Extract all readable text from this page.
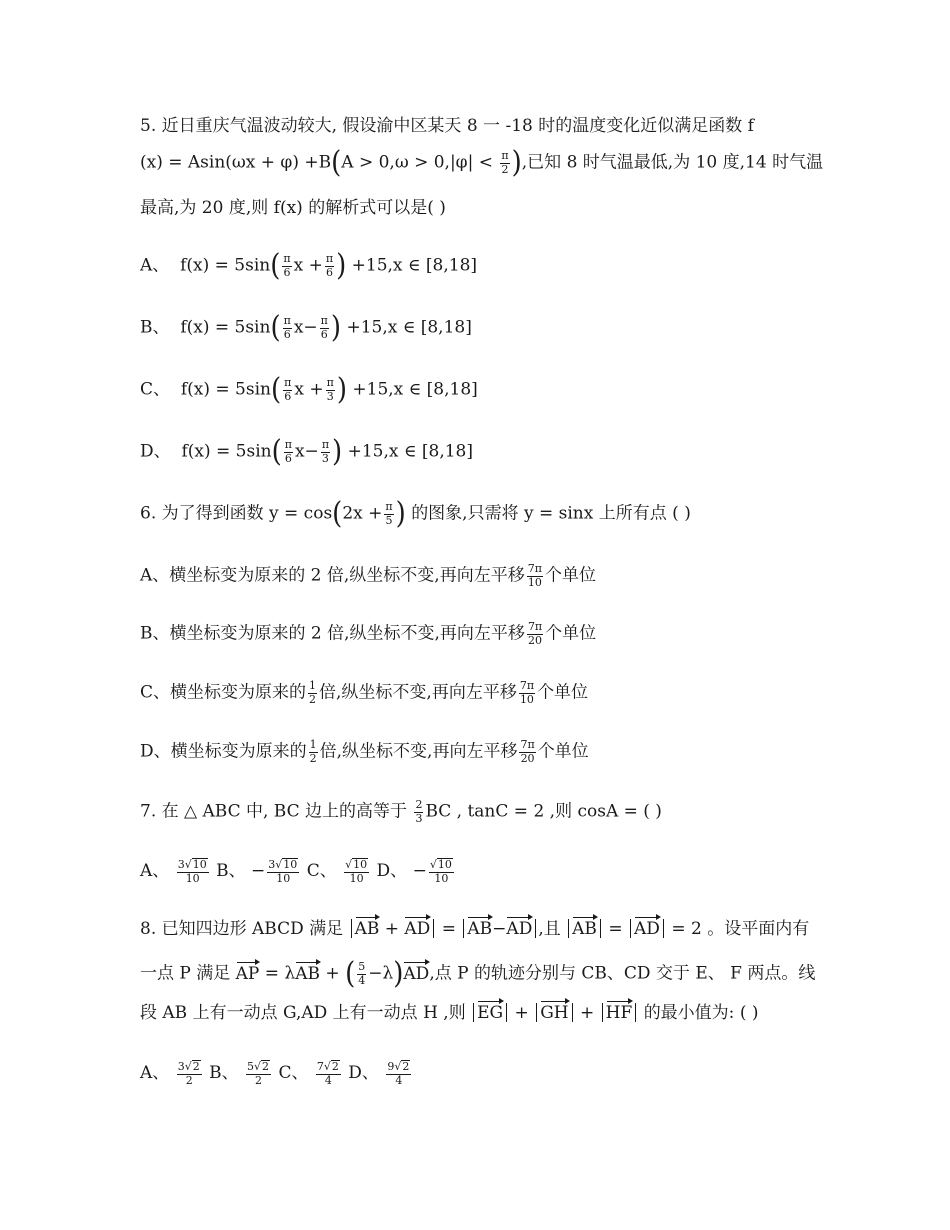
5. 近日重庆气温波动较大, 假设渝中区某天 8 一 -18 时的温度变化近似满足函数 f
$(x) = Asin(\omega x + \varphi) +B(A > 0,\omega > 0,|\varphi| < \frac{\pi}{2}$ ),已知 8 时气温最低,为 10 度,14 时气温
最高,为 20 度,则 f(x) 的解析式可以是( )
A、 $f(x) = 5\sin( \frac{\pi}{6}$ $x + \frac{\pi}{6}$ ) +15,x ∈ [8,18]
B、 $f(x) = 5\sin( \frac{\pi}{6} x- \frac{\pi}{6}$ ) +15,x ∈ [8,18]
C、 $f(x) = 5\sin( \frac{\pi}{6}$ $x + \frac{\pi}{3}$ ) +15,x ∈ [8,18]
D、 $f(x) = 5\sin( \frac{\pi}{6} x- \frac{\pi}{3}$ ) +15,x ∈ [8,18]
6. 为了得到函数 $y = \cos(2x + \frac{\pi}{5}$ ) 的图象,只需将 y = sinx 上所有点 ( )
A、横坐标变为原来的 2 倍,纵坐标不变,再向左平移 $\frac{7\pi}{10}$ 个单位
B、横坐标变为原来的 2 倍,纵坐标不变,再向左平移 $\frac{7\pi}{20}$ 个单位
C、横坐标变为原来的 $\frac{1}{2}$ 倍,纵坐标不变,再向左平移 $\frac{7\pi}{10}$ 个单位
D、横坐标变为原来的 $\frac{1}{2}$ 倍,纵坐标不变,再向左平移 $\frac{7\pi}{20}$ 个单位
7. 在 △ ABC 中, BC 边上的高等于 $\frac{2}{3}$ BC , tanC = 2 ,则 cosA = ( )
A、 $\frac{3√10}{10}$ B、 − $\frac{3√10}{10}$ C、 $\frac{√10}{10}$ D、 − $\frac{√10}{10}$
8. 已知四边形 ABCD 满足 AB + AD = AB−AD ,且 AB = AD = 2 。设平面内有
一点 P 满足 AP = λAB + ( $\frac{5}{4} -\lambda)AD$,点 P 的轨迹分别与 CB、CD 交于 E、 F 两点。线
段 AB 上有一动点 G,AD 上有一动点 H ,则 EG + GH + HF 的最小值为: ( )
A、 $\frac{3√2}{2}$ B、 $\frac{5√2}{2}$ C、 $\frac{7√2}{4}$ D、 $\frac{9√2}{4}$
